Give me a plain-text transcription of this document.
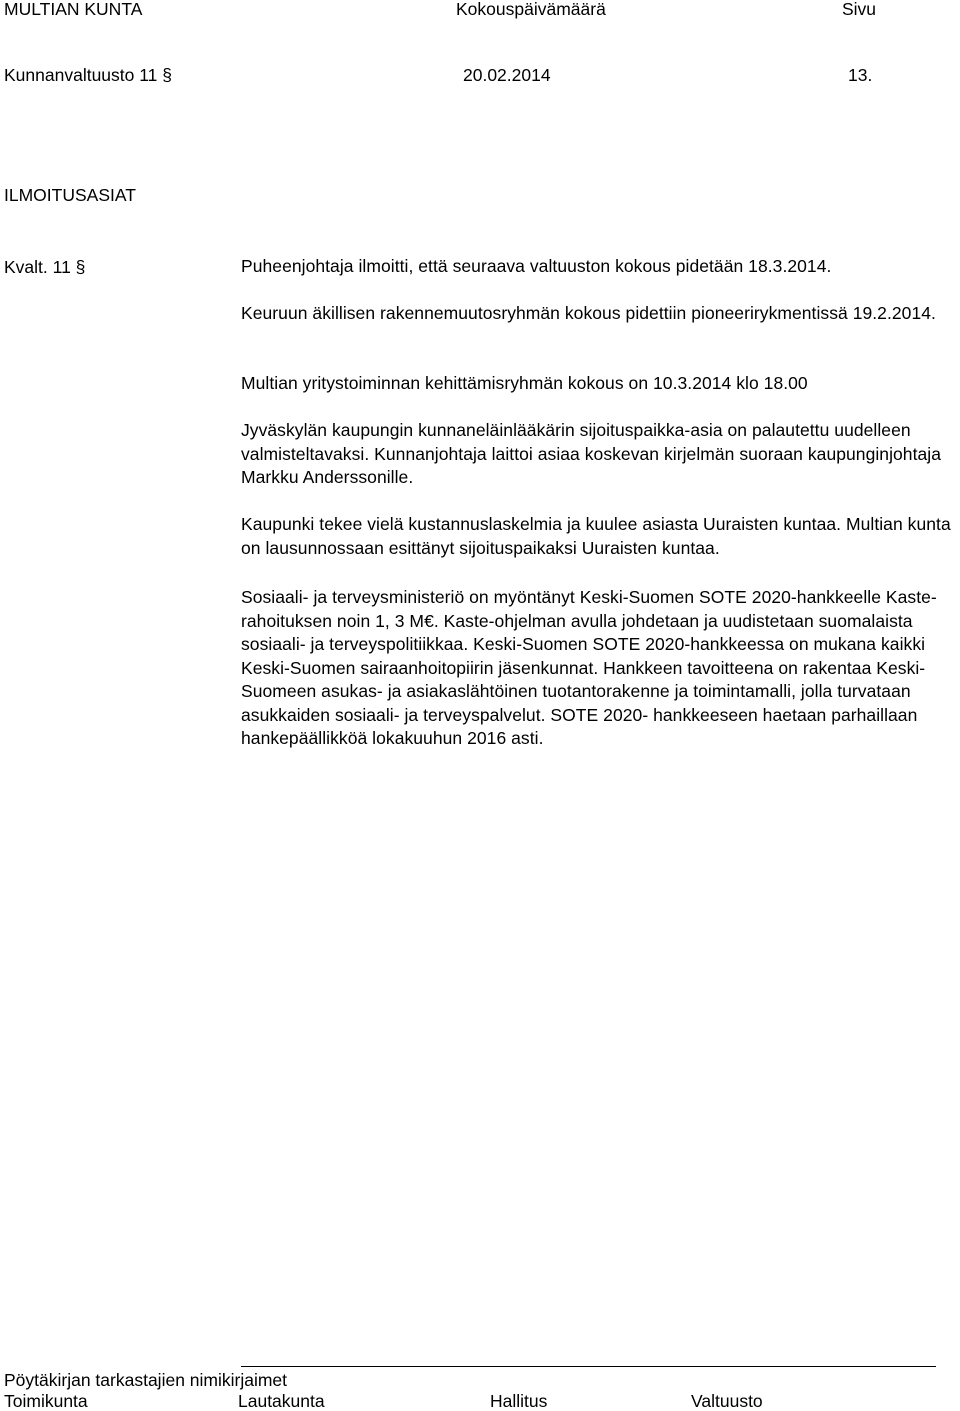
MULTIAN KUNTA	Kokouspäivämäärä	Sivu
Kunnanvaltuusto 11 §	20.02.2014	13.
ILMOITUSASIAT
Kvalt. 11 §	Puheenjohtaja ilmoitti, että seuraava valtuuston kokous pidetään 18.3.2014.
Keuruun äkillisen rakennemuutosryhmän kokous pidettiin pioneerirykmentissä 19.2.2014.
Multian yritystoiminnan kehittämisryhmän kokous on 10.3.2014 klo 18.00
Jyväskylän kaupungin kunnaneläinlääkärin sijoituspaikka-asia on palautettu uudelleen valmisteltavaksi. Kunnanjohtaja laittoi asiaa koskevan kirjelmän suoraan kaupunginjohtaja Markku Anderssonille.
Kaupunki tekee vielä kustannuslaskelmia ja kuulee asiasta Uuraisten kuntaa. Multian kunta on lausunnossaan esittänyt sijoituspaikaksi Uuraisten kuntaa.
Sosiaali- ja terveysministeriö on myöntänyt Keski-Suomen SOTE 2020-hankkeelle Kaste-rahoituksen noin 1, 3 M€. Kaste-ohjelman avulla johdetaan ja uudistetaan suomalaista sosiaali- ja terveyspolitiikkaa. Keski-Suomen SOTE 2020-hankkeessa on mukana kaikki Keski-Suomen sairaanhoitopiirin jäsenkunnat. Hankkeen tavoitteena on rakentaa Keski-Suomeen asukas- ja asiakaslähtöinen tuotantorakenne ja toimintamalli, jolla turvataan asukkaiden sosiaali- ja terveyspalvelut. SOTE 2020- hankkeeseen haetaan parhaillaan hankepäällikköä lokakuuhun 2016 asti.
Pöytäkirjan tarkastajien nimikirjaimet
Toimikunta	Lautakunta	Hallitus	Valtuusto
